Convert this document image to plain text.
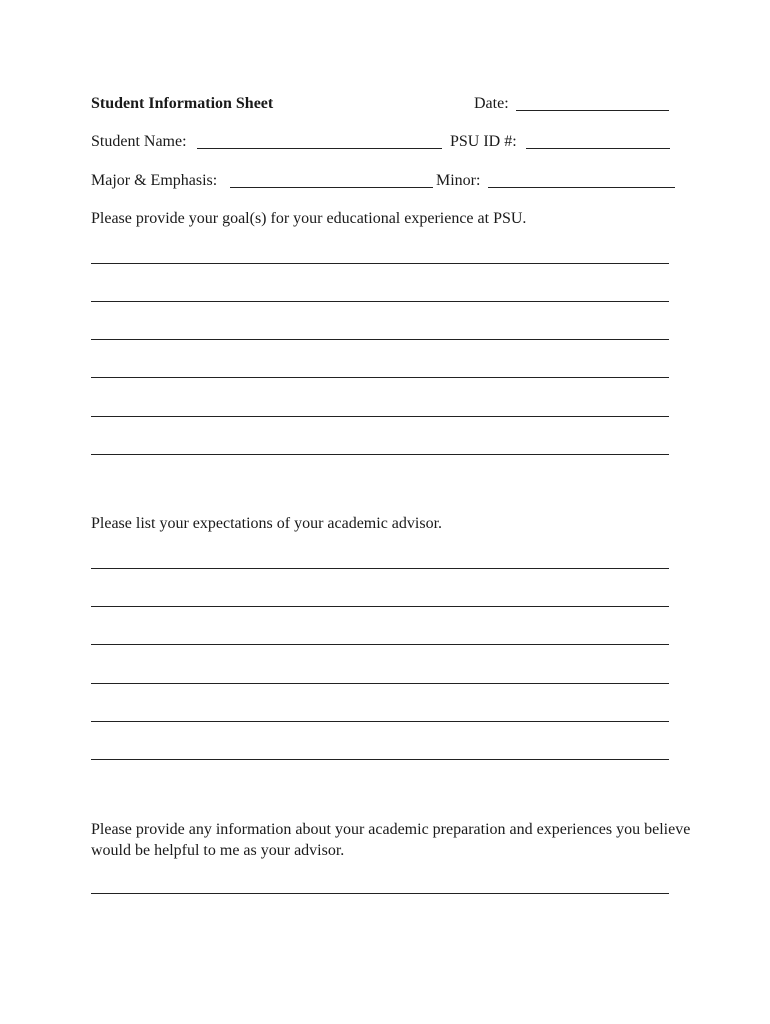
Student Information Sheet	Date:
Student Name:	PSU ID #:
Major & Emphasis:	Minor:
Please provide your goal(s) for your educational experience at PSU.
Please list your expectations of your academic advisor.
Please provide any information about your academic preparation and experiences you believe would be helpful to me as your advisor.
